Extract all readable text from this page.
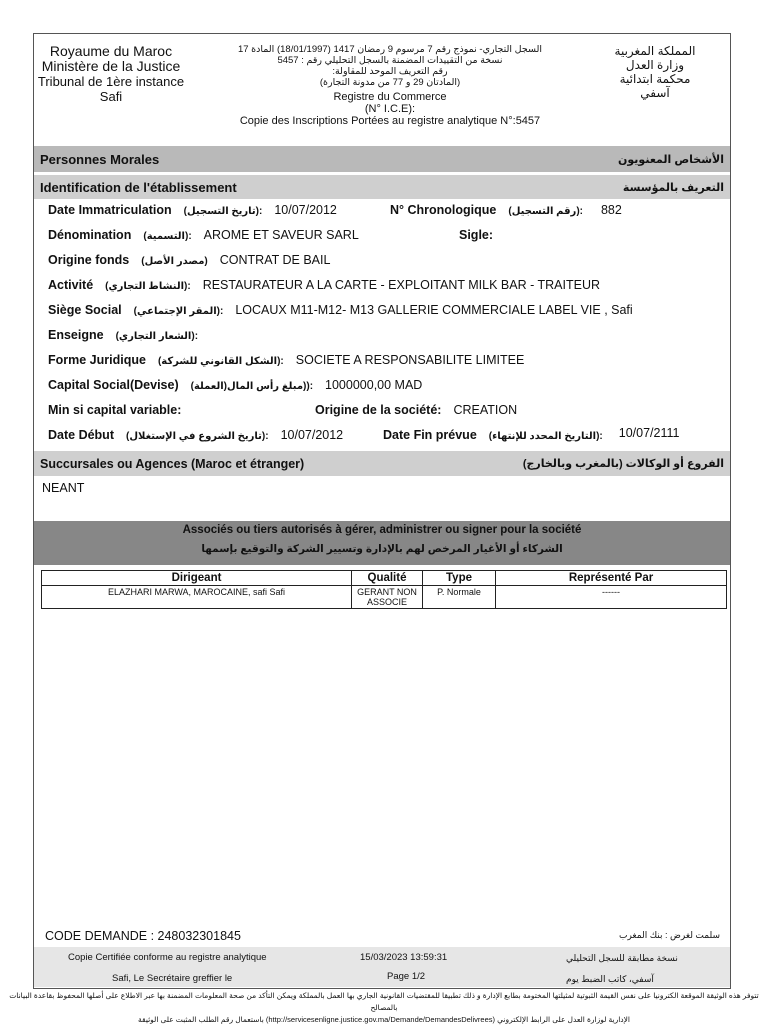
Royaume du Maroc
Ministère de la Justice
Tribunal de 1ère instance
Safi
السجل التجاري- نموذج رقم 7 مرسوم 9 رمضان 1417 (18/01/1997) المادة 17
نسخة من التقييدات المضمنة بالسجل التحليلي رقم : 5457
رقم التعريف الموحد للمقاولة:
(المادتان 29 و 77 من مدونة التجارة)
Registre du Commerce
(N° I.C.E):
Copie des Inscriptions Portées au registre analytique N°:5457
المملكة المغربية
وزارة العدل
محكمة ابتدائية
آسفي
Personnes Morales	الأشخاص المعنويون
Identification de l'établissement	التعريف بالمؤسسة
Date Immatriculation (تاريخ التسجيل): 10/07/2012	N° Chronologique (رقم التسجيل): 882
Dénomination (التسمية): AROME ET SAVEUR SARL	Sigle:
Origine fonds (مصدر الأصل) CONTRAT DE BAIL
Activité (النشاط التجاري): RESTAURATEUR A LA CARTE - EXPLOITANT MILK BAR - TRAITEUR
Siège Social (المقر الإجتماعي): LOCAUX M11-M12- M13 GALLERIE COMMERCIALE LABEL VIE , Safi
Enseigne (الشعار التجاري):
Forme Juridique (الشكل القانوني للشركة): SOCIETE A RESPONSABILITE LIMITEE
Capital Social(Devise) (العملة)مبلغ رأس المال)): 1000000,00 MAD
Min si capital variable:	Origine de la société: CREATION
Date Début (تاريخ الشروع في الإستغلال): 10/07/2012	Date Fin prévue (التاريخ المحدد للإنتهاء): 10/07/2111
Succursales ou Agences (Maroc et étranger)	الفروع أو الوكالات (بالمغرب وبالخارج)
NEANT
Associés ou tiers autorisés à gérer, administrer ou signer pour la société
الشركاء أو الأغيار المرخص لهم بالإدارة وتسيير الشركة والتوقيع بإسمها
Dirigeant	Qualité	Type	Représenté Par
ELAZHARI MARWA, MAROCAINE, safi Safi	GERANT NON ASSOCIE	P. Normale	------
CODE DEMANDE : 248032301845	سلمت لغرض : بنك المغرب
Copie Certifiée conforme au registre analytique	15/03/2023 13:59:31	نسخة مطابقة للسجل التحليلي
Safi, Le Secrétaire greffier le	Page 1/2	آسفي، كاتب الضبط يوم
تتوفر هذه الوثيقة الموقعة الكترونيا على نفس القيمة الثبوتية لمثيلتها المختومة بطابع الإدارة و ذلك تطبيقا للمقتضيات القانونية الجاري بها العمل بالمملكة ويمكن التأكد من صحة المعلومات المضمنة بها عبر الاطلاع على أصلها المحفوظ بقاعدة البيانات بالمصالح
الإدارية لوزارة العدل على الرابط الإلكتروني (http://servicesenligne.justice.gov.ma/Demande/DemandesDelivrees) باستعمال رقم الطلب المثبت على الوثيقة
